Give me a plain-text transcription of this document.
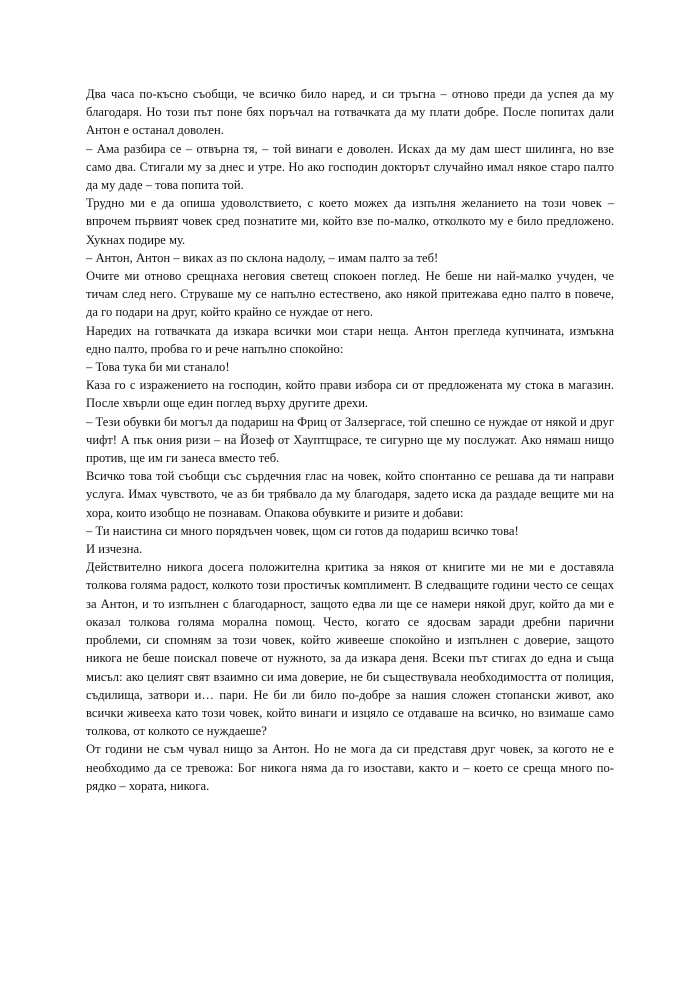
Два часа по-късно съобщи, че всичко било наред, и си тръгна – отново преди да успея да му благодаря. Но този път поне бях поръчал на готвачката да му плати добре. После попитах дали Антон е останал доволен.

– Ама разбира се – отвърна тя, – той винаги е доволен. Исках да му дам шест шилинга, но взе само два. Стигали му за днес и утре. Но ако господин докторът случайно имал някое старо палто да му даде – това попита той.

Трудно ми е да опиша удоволствието, с което можех да изпълня желанието на този човек – впрочем първият човек сред познатите ми, който взе по-малко, отколкото му е било предложено. Хукнах подире му.

– Антон, Антон – виках аз по склона надолу, – имам палто за теб!

Очите ми отново срещнаха неговия светещ спокоен поглед. Не беше ни най-малко учуден, че тичам след него. Струваше му се напълно естествено, ако някой притежава едно палто в повече, да го подари на друг, който крайно се нуждае от него.

Наредих на готвачката да изкара всички мои стари неща. Антон прегледа купчината, измъкна едно палто, пробва го и рече напълно спокойно:

– Това тука би ми станало!

Каза го с изражението на господин, който прави избора си от предложената му стока в магазин. После хвърли още един поглед върху другите дрехи.

– Тези обувки би могъл да подариш на Фриц от Залзергасе, той спешно се нуждае от някой и друг чифт! А пък ония ризи – на Йозеф от Хауптщрасе, те сигурно ще му послужат. Ако нямаш нищо против, ще им ги занеса вместо теб.

Всичко това той съобщи със сърдечния глас на човек, който спонтанно се решава да ти направи услуга. Имах чувството, че аз би трябвало да му благодаря, задето иска да раздаде вещите ми на хора, които изобщо не познавам. Опакова обувките и ризите и добави:

– Ти наистина си много порядъчен човек, щом си готов да подариш всичко това!

И изчезна.

Действително никога досега положителна критика за някоя от книгите ми не ми е доставяла толкова голяма радост, колкото този простичък комплимент. В следващите години често се сещах за Антон, и то изпълнен с благодарност, защото едва ли ще се намери някой друг, който да ми е оказал толкова голяма морална помощ. Често, когато се ядосвам заради дребни парични проблеми, си спомням за този човек, който живееше спокойно и изпълнен с доверие, защото никога не беше поискал повече от нужното, за да изкара деня. Всеки път стигах до една и съща мисъл: ако целият свят взаимно си има доверие, не би съществувала необходимостта от полиция, съдилища, затвори и… пари. Не би ли било по-добре за нашия сложен стопански живот, ако всички живееха като този човек, който винаги и изцяло се отдаваше на всичко, но взимаше само толкова, от колкото се нуждаеше?

От години не съм чувал нищо за Антон. Но не мога да си представя друг човек, за когото не е необходимо да се тревожа: Бог никога няма да го изостави, както и – което се среща много по-рядко – хората, никога.
